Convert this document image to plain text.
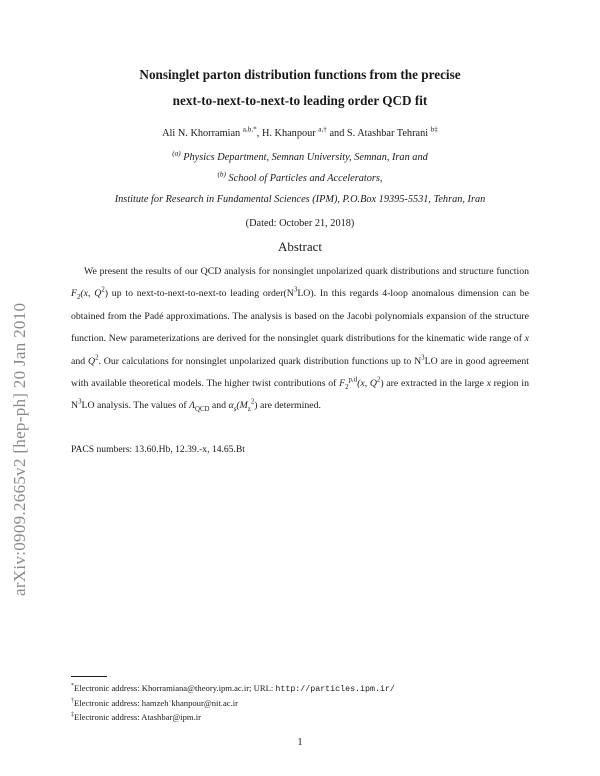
arXiv:0909.2665v2 [hep-ph] 20 Jan 2010
Nonsinglet parton distribution functions from the precise
next-to-next-to-next-to leading order QCD fit
Ali N. Khorramian $^{a,b,*}$, H. Khanpour $^{a,\dagger}$ and S. Atashbar Tehrani $^{b\ddagger}$
$^{(a)}$ Physics Department, Semnan University, Semnan, Iran and
$^{(b)}$ School of Particles and Accelerators,
Institute for Research in Fundamental Sciences (IPM), P.O.Box 19395-5531, Tehran, Iran
(Dated: October 21, 2018)
Abstract
We present the results of our QCD analysis for nonsinglet unpolarized quark distributions and structure function $F_2(x$, $Q^2$) up to next-to-next-to-next-to leading $order(N^3LO)$. In this regards 4-loop anomalous dimension can be obtained from the Padé approximations. The analysis is based on the Jacobi polynomials expansion of the structure function. New parameterizations are derived for the nonsinglet quark distributions for the kinematic wide range of x and $Q^2$. Our calculations for nonsinglet unpolarized quark distribution functions up to $N^3LO$ are in good agreement with available theoretical models. The higher twist contributions of $F_2^{p,d}(x$, $Q^2$) are extracted in the large x region in $N^3LO$ analysis. The values of $\Lambda_{QCD}$ and $\alpha_s(M_z^2)$ are determined.
PACS numbers: 13.60.Hb, 12.39.-x, 14.65.Bt
*Electronic address: Khorramiana@theory.ipm.ac.ir; URL: http://particles.ipm.ir/
†Electronic address: hamzeh˙khanpour@nit.ac.ir
‡Electronic address: Atashbar@ipm.ir
1
